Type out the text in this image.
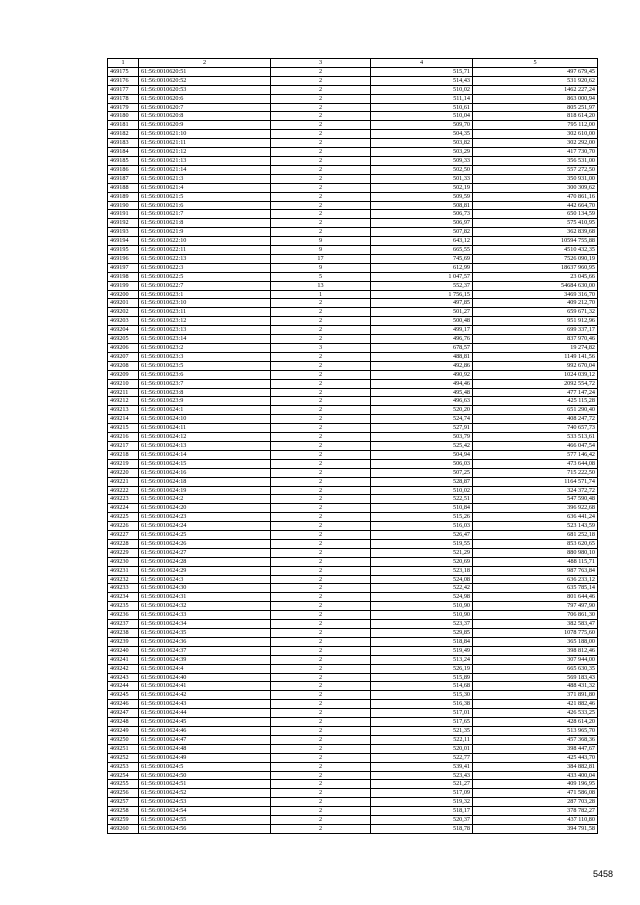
1	2	3	4	5
469175	61:56:0010620:51	2	515,71	497 679,45
469176	61:56:0010620:52	2	514,43	531 920,62
469177	61:56:0010620:53	2	510,02	1462 227,24
469178	61:56:0010620:6	2	511,14	863 000,94
469179	61:56:0010620:7	2	510,61	805 251,97
469180	61:56:0010620:8	2	510,04	818 614,20
469181	61:56:0010620:9	2	509,70	795 112,00
469182	61:56:0010621:10	2	504,35	302 610,00
469183	61:56:0010621:11	2	503,82	302 292,00
469184	61:56:0010621:12	2	503,29	417 730,70
469185	61:56:0010621:13	2	509,33	356 531,00
469186	61:56:0010621:14	2	502,50	557 272,50
469187	61:56:0010621:3	2	501,33	350 931,00
469188	61:56:0010621:4	2	502,19	300 309,62
469189	61:56:0010621:5	2	509,59	470 861,16
469190	61:56:0010621:6	2	508,81	442 664,70
469191	61:56:0010621:7	2	506,73	650 134,59
469192	61:56:0010621:8	2	506,97	575 410,95
469193	61:56:0010621:9	2	507,82	362 839,68
469194	61:56:0010622:10	9	643,12	10594 755,88
469195	61:56:0010622:11	9	665,55	4510 432,35
469196	61:56:0010622:13	17	745,69	7526 090,19
469197	61:56:0010622:3	9	612,99	18637 960,95
469198	61:56:0010622:5	5	1 047,57	23 045,66
469199	61:56:0010622:7	13	552,37	54684 630,00
469200	61:56:0010623:1	1	1 756,15	3469 316,70
469201	61:56:0010623:10	2	497,85	409 212,70
469202	61:56:0010623:11	2	501,27	659 671,32
469203	61:56:0010623:12	2	500,48	951 912,96
469204	61:56:0010623:13	2	499,17	699 337,17
469205	61:56:0010623:14	2	496,76	837 970,46
469206	61:56:0010623:2	3	678,57	19 274,82
469207	61:56:0010623:3	2	488,81	1149 141,56
469208	61:56:0010623:5	2	492,86	992 670,04
469209	61:56:0010623:6	2	490,92	1024 039,12
469210	61:56:0010623:7	2	494,46	2092 554,72
469211	61:56:0010623:8	2	495,48	477 147,24
469212	61:56:0010623:9	2	496,63	425 115,28
469213	61:56:0010624:1	2	520,20	651 290,40
469214	61:56:0010624:10	2	524,74	408 247,72
469215	61:56:0010624:11	2	527,91	740 657,73
469216	61:56:0010624:12	2	503,79	533 513,61
469217	61:56:0010624:13	2	525,42	466 047,54
469218	61:56:0010624:14	2	504,94	577 146,42
469219	61:56:0010624:15	2	506,03	473 644,08
469220	61:56:0010624:16	2	507,25	715 222,50
469221	61:56:0010624:18	2	528,87	1164 571,74
469222	61:56:0010624:19	2	510,02	324 372,72
469223	61:56:0010624:2	2	522,51	547 590,48
469224	61:56:0010624:20	2	510,84	396 922,68
469225	61:56:0010624:23	2	515,26	636 441,24
469226	61:56:0010624:24	2	516,03	523 143,59
469227	61:56:0010624:25	2	526,47	681 252,18
469228	61:56:0010624:26	2	519,55	853 620,65
469229	61:56:0010624:27	2	521,29	880 980,10
469230	61:56:0010624:28	2	520,69	488 115,71
469231	61:56:0010624:29	2	523,18	987 763,84
469232	61:56:0010624:3	2	524,08	636 233,12
469233	61:56:0010624:30	2	522,42	635 785,14
469234	61:56:0010624:31	2	524,98	801 644,46
469235	61:56:0010624:32	2	510,90	797 497,90
469236	61:56:0010624:33	2	510,90	706 861,30
469237	61:56:0010624:34	2	523,37	382 583,47
469238	61:56:0010624:35	2	529,85	1078 775,60
469239	61:56:0010624:36	2	518,84	365 188,00
469240	61:56:0010624:37	2	519,49	398 812,46
469241	61:56:0010624:39	2	513,24	307 944,00
469242	61:56:0010624:4	2	526,19	665 630,35
469243	61:56:0010624:40	2	515,89	569 183,43
469244	61:56:0010624:41	2	514,68	488 431,32
469245	61:56:0010624:42	2	515,30	371 891,80
469246	61:56:0010624:43	2	516,38	421 882,46
469247	61:56:0010624:44	2	517,01	426 533,25
469248	61:56:0010624:45	2	517,65	428 614,20
469249	61:56:0010624:46	2	521,35	513 965,70
469250	61:56:0010624:47	2	522,11	457 368,36
469251	61:56:0010624:48	2	520,01	398 447,67
469252	61:56:0010624:49	2	522,77	425 443,70
469253	61:56:0010624:5	2	539,41	384 882,81
469254	61:56:0010624:50	2	523,43	433 400,04
469255	61:56:0010624:51	2	521,27	409 196,95
469256	61:56:0010624:52	2	517,09	471 586,08
469257	61:56:0010624:53	2	519,32	287 703,28
469258	61:56:0010624:54	2	518,17	378 782,27
469259	61:56:0010624:55	2	520,37	437 110,80
469260	61:56:0010624:56	2	518,78	394 791,58
5458
